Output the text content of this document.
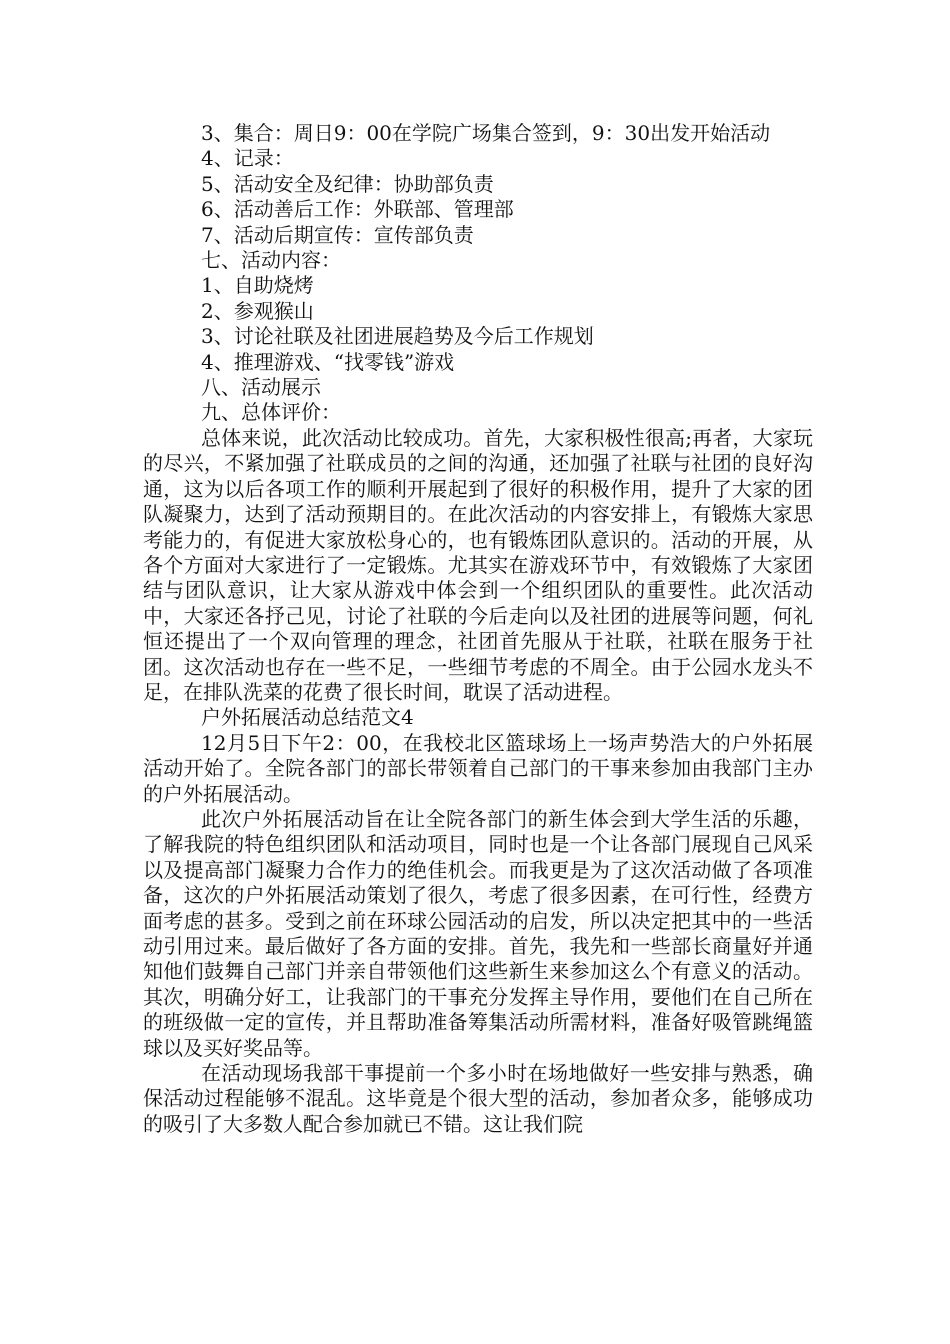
3、集合：周日9：00在学院广场集合签到，9：30出发开始活动

4、记录：

5、活动安全及纪律：协助部负责

6、活动善后工作：外联部、管理部

7、活动后期宣传：宣传部负责

七、活动内容：

1、自助烧烤

2、参观猴山

3、讨论社联及社团进展趋势及今后工作规划

4、推理游戏、“找零钱”游戏

八、活动展示

九、总体评价：

总体来说，此次活动比较成功。首先，大家积极性很高;再者，大家玩的尽兴，不紧加强了社联成员的之间的沟通，还加强了社联与社团的良好沟通，这为以后各项工作的顺利开展起到了很好的积极作用，提升了大家的团队凝聚力，达到了活动预期目的。在此次活动的内容安排上，有锻炼大家思考能力的，有促进大家放松身心的，也有锻炼团队意识的。活动的开展，从各个方面对大家进行了一定锻炼。尤其实在游戏环节中，有效锻炼了大家团结与团队意识，让大家从游戏中体会到一个组织团队的重要性。此次活动中，大家还各抒己见，讨论了社联的今后走向以及社团的进展等问题，何礼恒还提出了一个双向管理的理念，社团首先服从于社联，社联在服务于社团。这次活动也存在一些不足，一些细节考虑的不周全。由于公园水龙头不足，在排队洗菜的花费了很长时间，耽误了活动进程。

户外拓展活动总结范文4

12月5日下午2：00，在我校北区篮球场上一场声势浩大的户外拓展活动开始了。全院各部门的部长带领着自己部门的干事来参加由我部门主办的户外拓展活动。

此次户外拓展活动旨在让全院各部门的新生体会到大学生活的乐趣，了解我院的特色组织团队和活动项目，同时也是一个让各部门展现自己风采以及提高部门凝聚力合作力的绝佳机会。而我更是为了这次活动做了各项准备，这次的户外拓展活动策划了很久，考虑了很多因素，在可行性，经费方面考虑的甚多。受到之前在环球公园活动的启发，所以决定把其中的一些活动引用过来。最后做好了各方面的安排。首先，我先和一些部长商量好并通知他们鼓舞自己部门并亲自带领他们这些新生来参加这么个有意义的活动。其次，明确分好工，让我部门的干事充分发挥主导作用，要他们在自己所在的班级做一定的宣传，并且帮助准备筹集活动所需材料，准备好吸管跳绳篮球以及买好奖品等。

在活动现场我部干事提前一个多小时在场地做好一些安排与熟悉，确保活动过程能够不混乱。这毕竟是个很大型的活动，参加者众多，能够成功的吸引了大多数人配合参加就已不错。这让我们院
